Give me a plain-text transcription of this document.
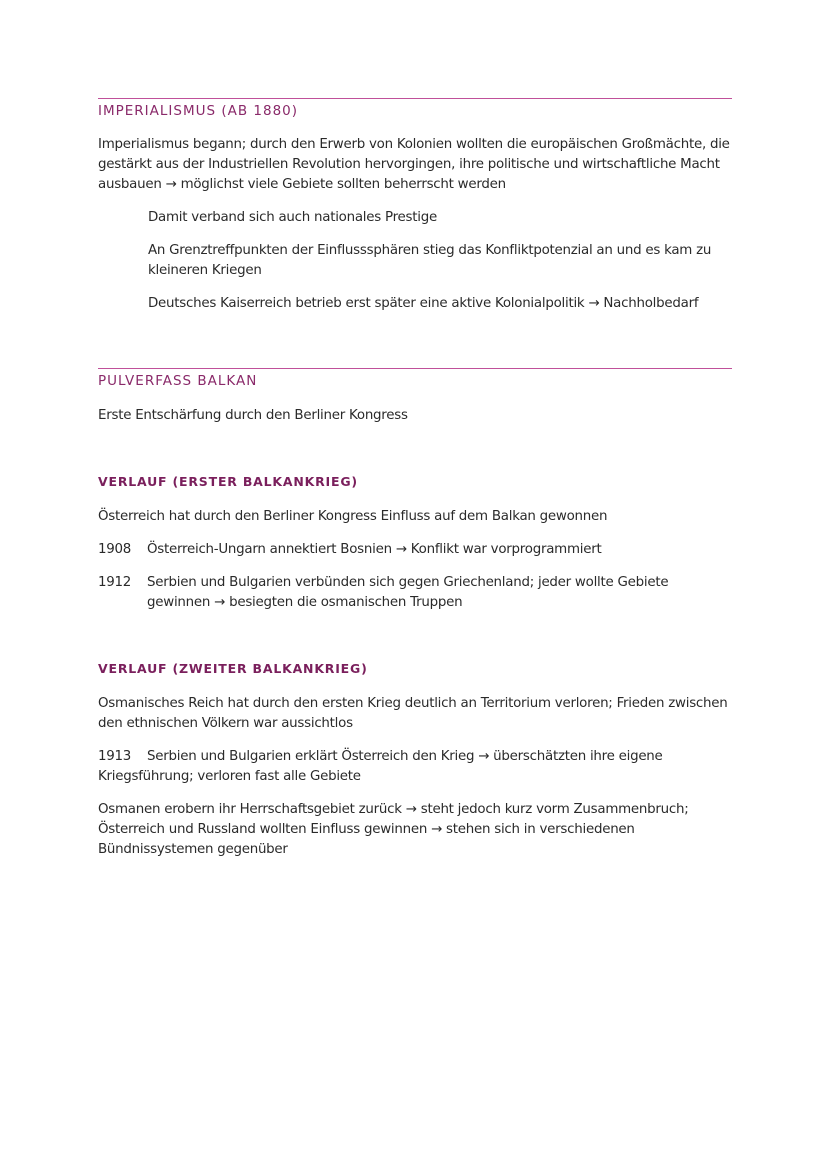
IMPERIALISMUS (AB 1880)
Imperialismus begann; durch den Erwerb von Kolonien wollten die europäischen Großmächte, die gestärkt aus der Industriellen Revolution hervorgingen, ihre politische und wirtschaftliche Macht ausbauen → möglichst viele Gebiete sollten beherrscht werden
Damit verband sich auch nationales Prestige
An Grenztreffpunkten der Einflusssphären stieg das Konfliktpotenzial an und es kam zu kleineren Kriegen
Deutsches Kaiserreich betrieb erst später eine aktive Kolonialpolitik → Nachholbedarf
PULVERFASS BALKAN
Erste Entschärfung durch den Berliner Kongress
VERLAUF (ERSTER BALKANKRIEG)
Österreich hat durch den Berliner Kongress Einfluss auf dem Balkan gewonnen
1908	Österreich-Ungarn annektiert Bosnien → Konflikt war vorprogrammiert
1912	Serbien und Bulgarien verbünden sich gegen Griechenland; jeder wollte Gebiete gewinnen → besiegten die osmanischen Truppen
VERLAUF (ZWEITER BALKANKRIEG)
Osmanisches Reich hat durch den ersten Krieg deutlich an Territorium verloren; Frieden zwischen den ethnischen Völkern war aussichtlos
1913	Serbien und Bulgarien erklärt Österreich den Krieg → überschätzten ihre eigene Kriegsführung; verloren fast alle Gebiete
Osmanen erobern ihr Herrschaftsgebiet zurück → steht jedoch kurz vorm Zusammenbruch; Österreich und Russland wollten Einfluss gewinnen → stehen sich in verschiedenen Bündnissystemen gegenüber
